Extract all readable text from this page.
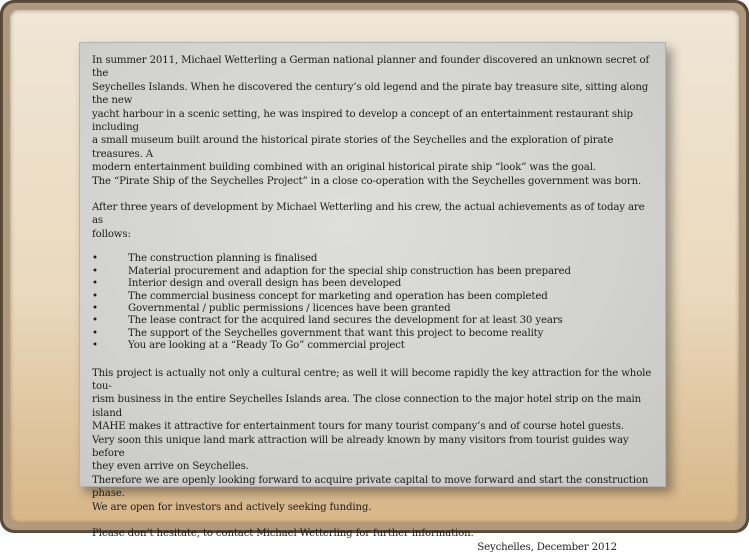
In summer 2011, Michael Wetterling a German national planner and founder discovered an unknown secret of the
Seychelles Islands. When he discovered the century’s old legend and the pirate bay treasure site, sitting along the new
yacht harbour in a scenic setting, he was inspired to develop a concept of an entertainment restaurant ship including
a small museum built around the historical pirate stories of the Seychelles and the exploration of pirate treasures. A
modern entertainment building combined with an original historical pirate ship “look” was the goal.
The “Pirate Ship of the Seychelles Project” in a close co-operation with the Seychelles government was born.
After three years of development by Michael Wetterling and his crew, the actual achievements as of today are as
follows:
•	The construction planning is finalised
•	Material procurement and adaption for the special ship construction has been prepared
•	Interior design and overall design has been developed
•	The commercial business concept for marketing and operation has been completed
•	Governmental / public permissions / licences have been granted
•	The lease contract for the acquired land secures the development for at least 30 years
•	The support of the Seychelles government that want this project to become reality
•	You are looking at a “Ready To Go” commercial project
This project is actually not only a cultural centre; as well it will become rapidly the key attraction for the whole tou-
rism business in the entire Seychelles Islands area. The close connection to the major hotel strip on the main island
MAHE makes it attractive for entertainment tours for many tourist company’s and of course hotel guests.
Very soon this unique land mark attraction will be already known by many visitors from tourist guides way before
they even arrive on Seychelles.
Therefore we are openly looking forward to acquire private capital to move forward and start the construction phase.
We are open for investors and actively seeking funding.
Please don’t hesitate, to contact Michael Wetterling for further information.
Seychelles, December 2012
